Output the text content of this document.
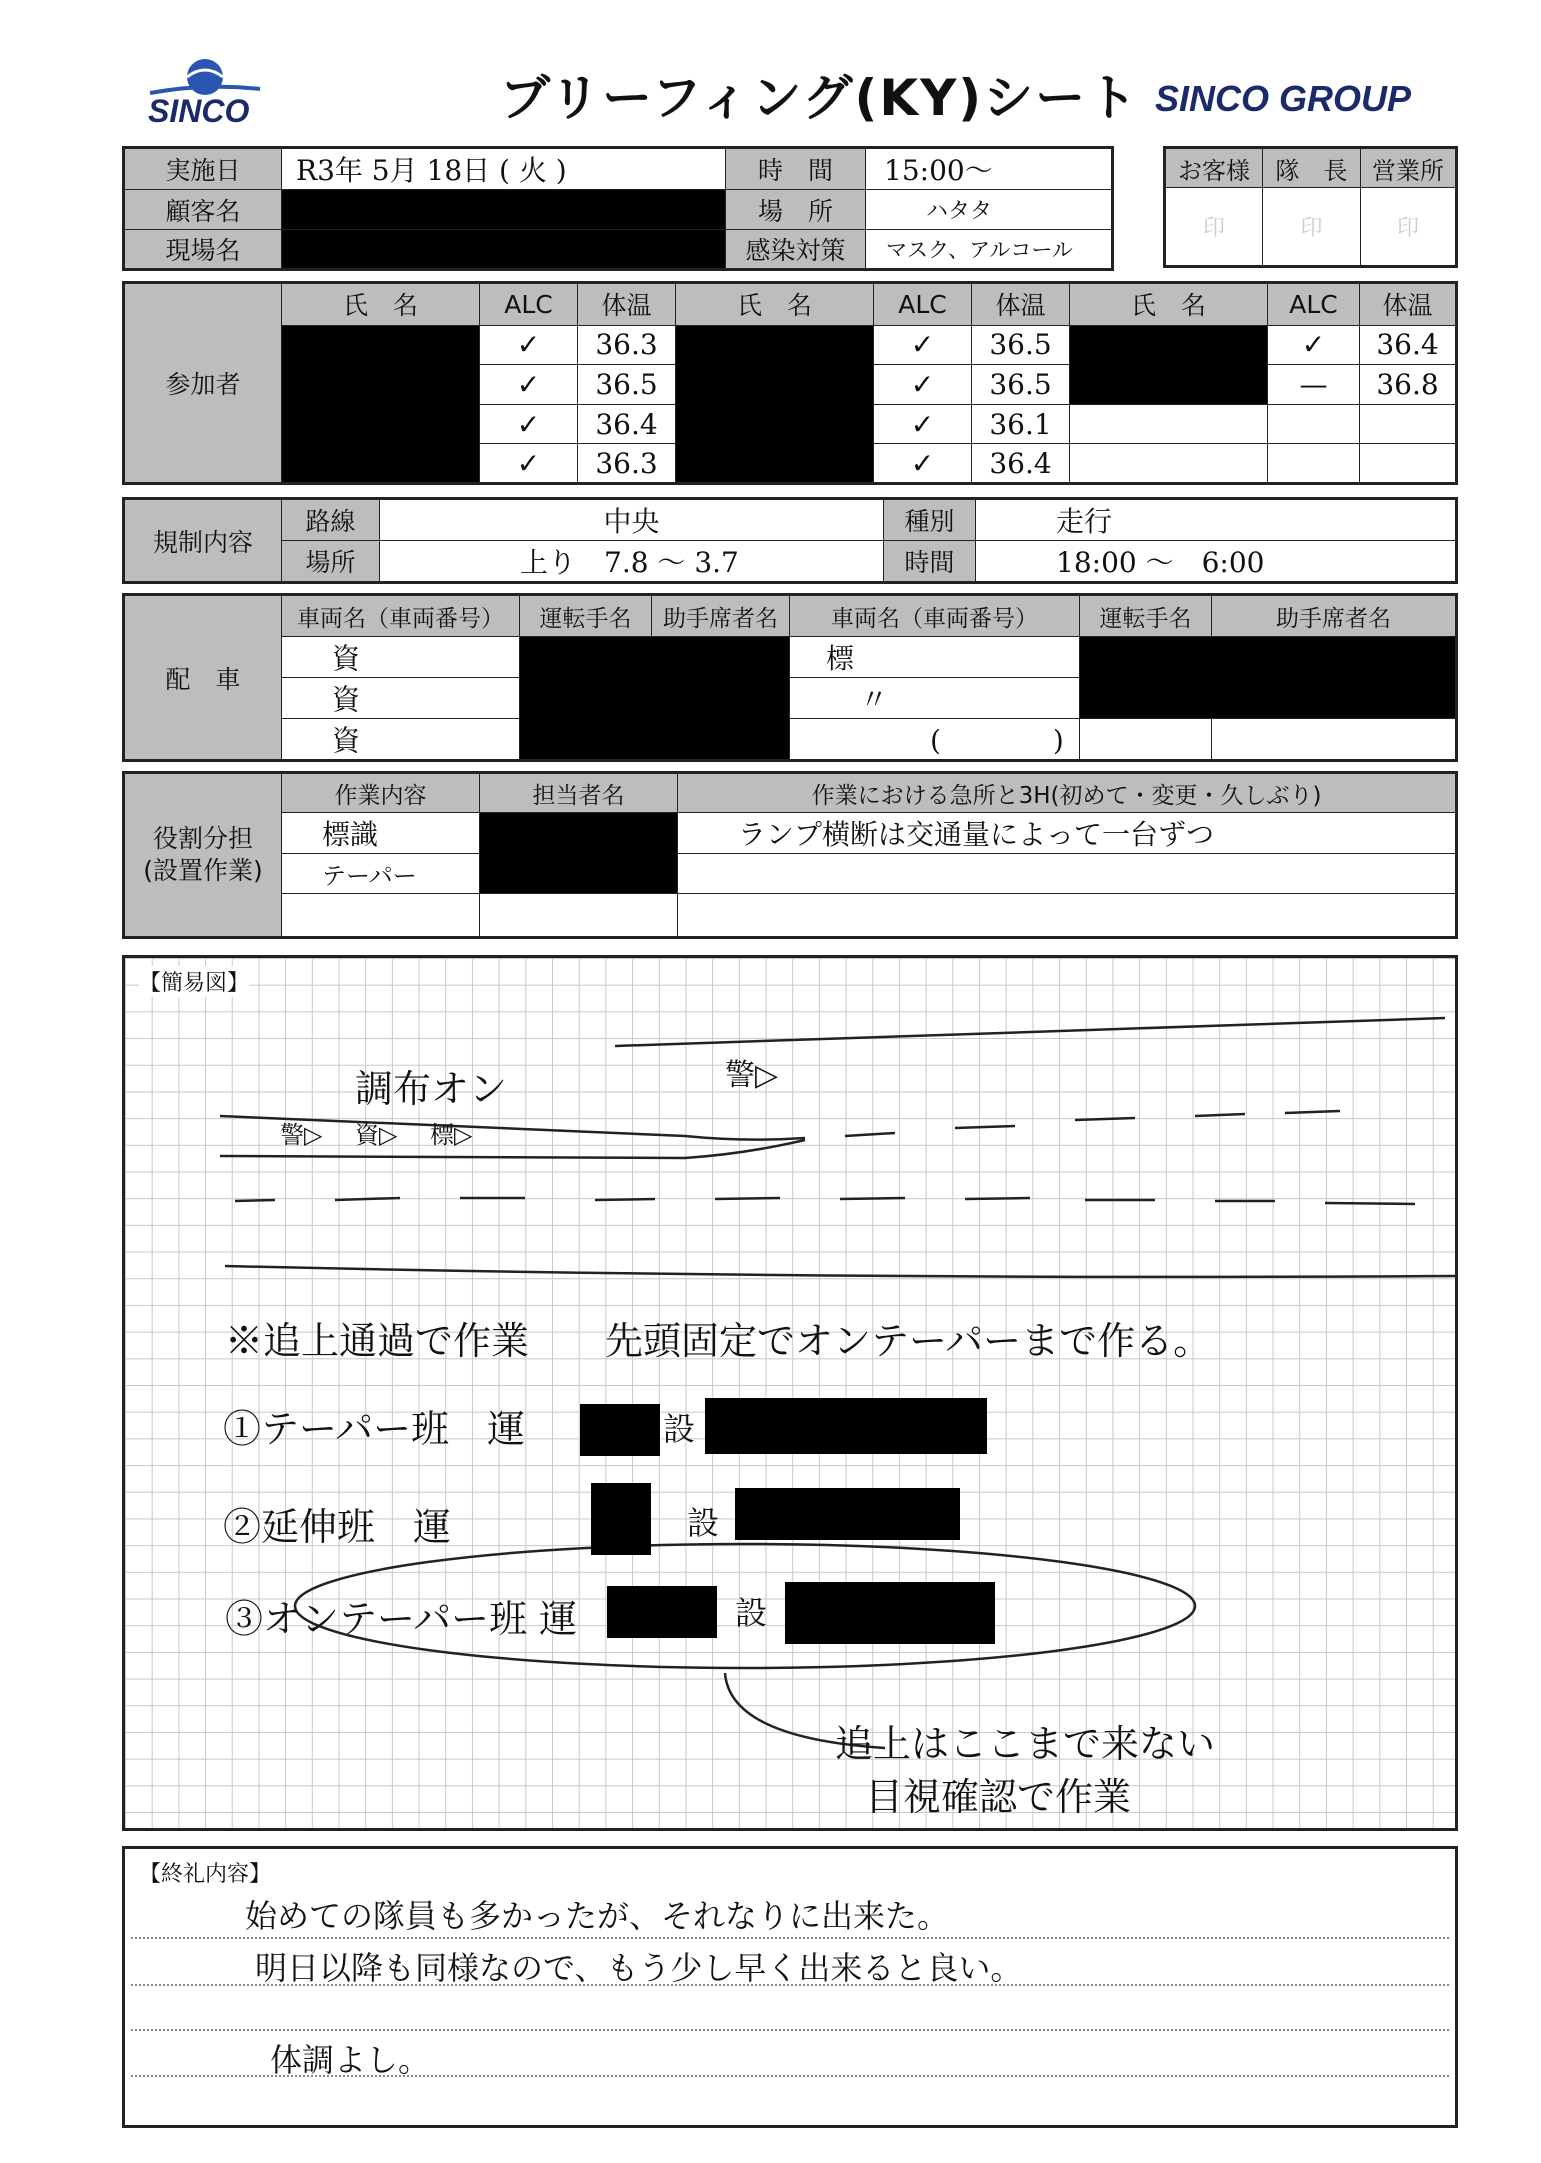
SINCO	ブリーフィング(KY)シート SINCO GROUP
実施日	R3年 5月 18日 ( 火 )	時　間	15:00〜
顧客名		場　所	ハタタ
現場名		感染対策	マスク、アルコール
お客様	隊　長	営業所
印	印	印
参加者	氏　名	ALC	体温	氏　名	ALC	体温	氏　名	ALC	体温
		✓	36.3		✓	36.5		✓	36.4
		✓	36.5		✓	36.5		—	36.8
		✓	36.4		✓	36.1			
		✓	36.3		✓	36.4			
規制内容	路線	中央	種別	走行
	場所	上り　7.8 〜 3.7	時間	18:00 〜　6:00
配　車	車両名（車両番号）	運転手名	助手席者名	車両名（車両番号）	運転手名	助手席者名
	資			標		
	資			〃		
	資			(　　　　)		
役割分担
(設置作業)	作業内容	担当者名	作業における急所と3H(初めて・変更・久しぶり)
	標識		ランプ横断は交通量によって一台ずつ
	テーパー		

【簡易図】
調布オン	警▷
警▷ 資▷ 標▷
※追上通過で作業　　先頭固定でオンテーパーまで作る。
①テーパー班　運	設
②延伸班　運	設
③オンテーパー班 運	設
追上はここまで来ない
目視確認で作業
【終礼内容】
始めての隊員も多かったが、それなりに出来た。
明日以降も同様なので、もう少し早く出来ると良い。
体調よし。
